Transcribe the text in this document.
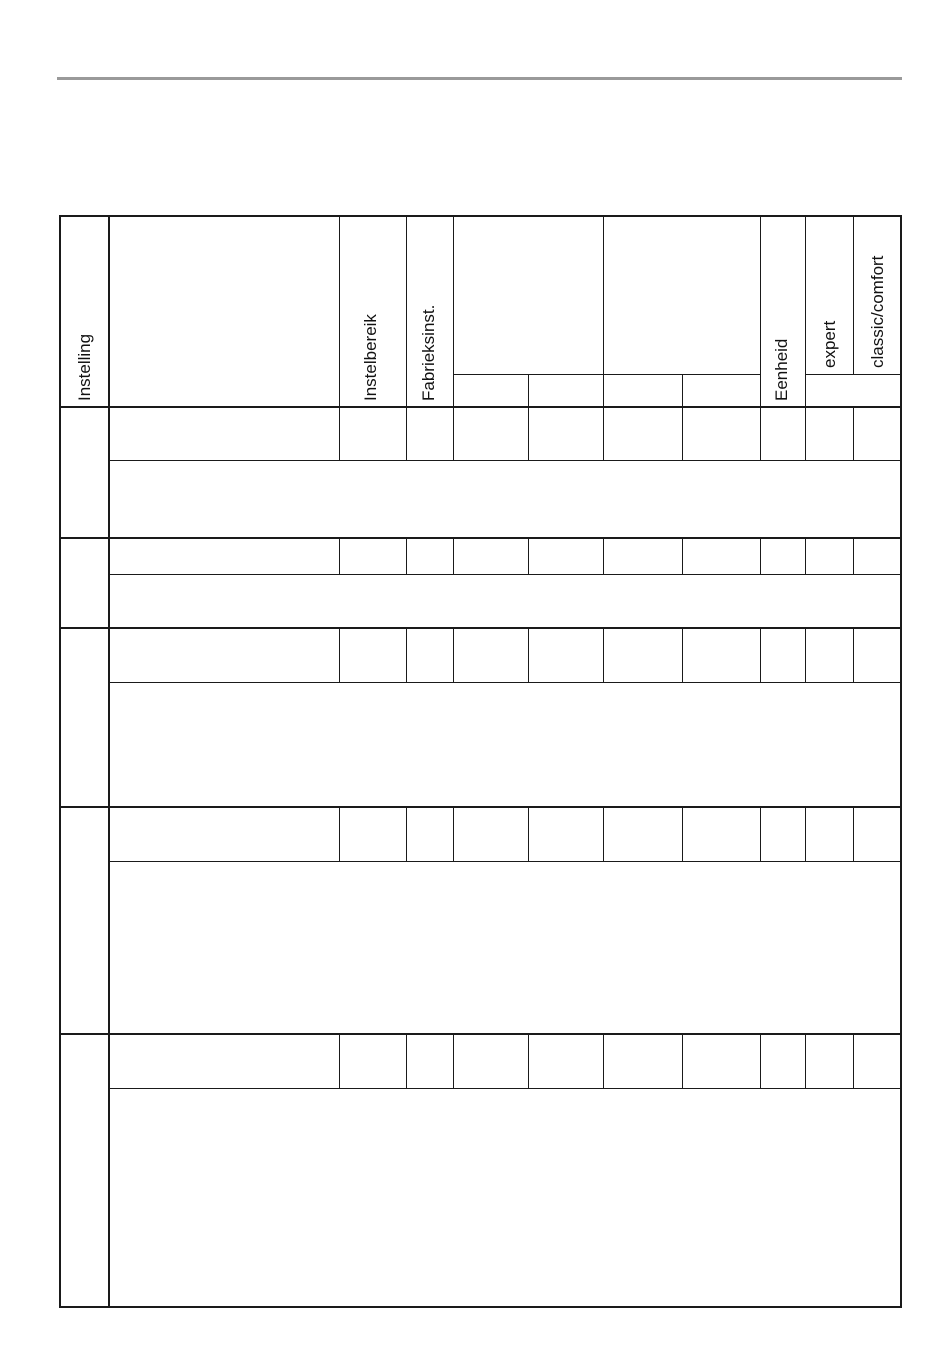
Instelling	Instelbereik Fabrieksinst.	Eenheid expert classic/comfort
